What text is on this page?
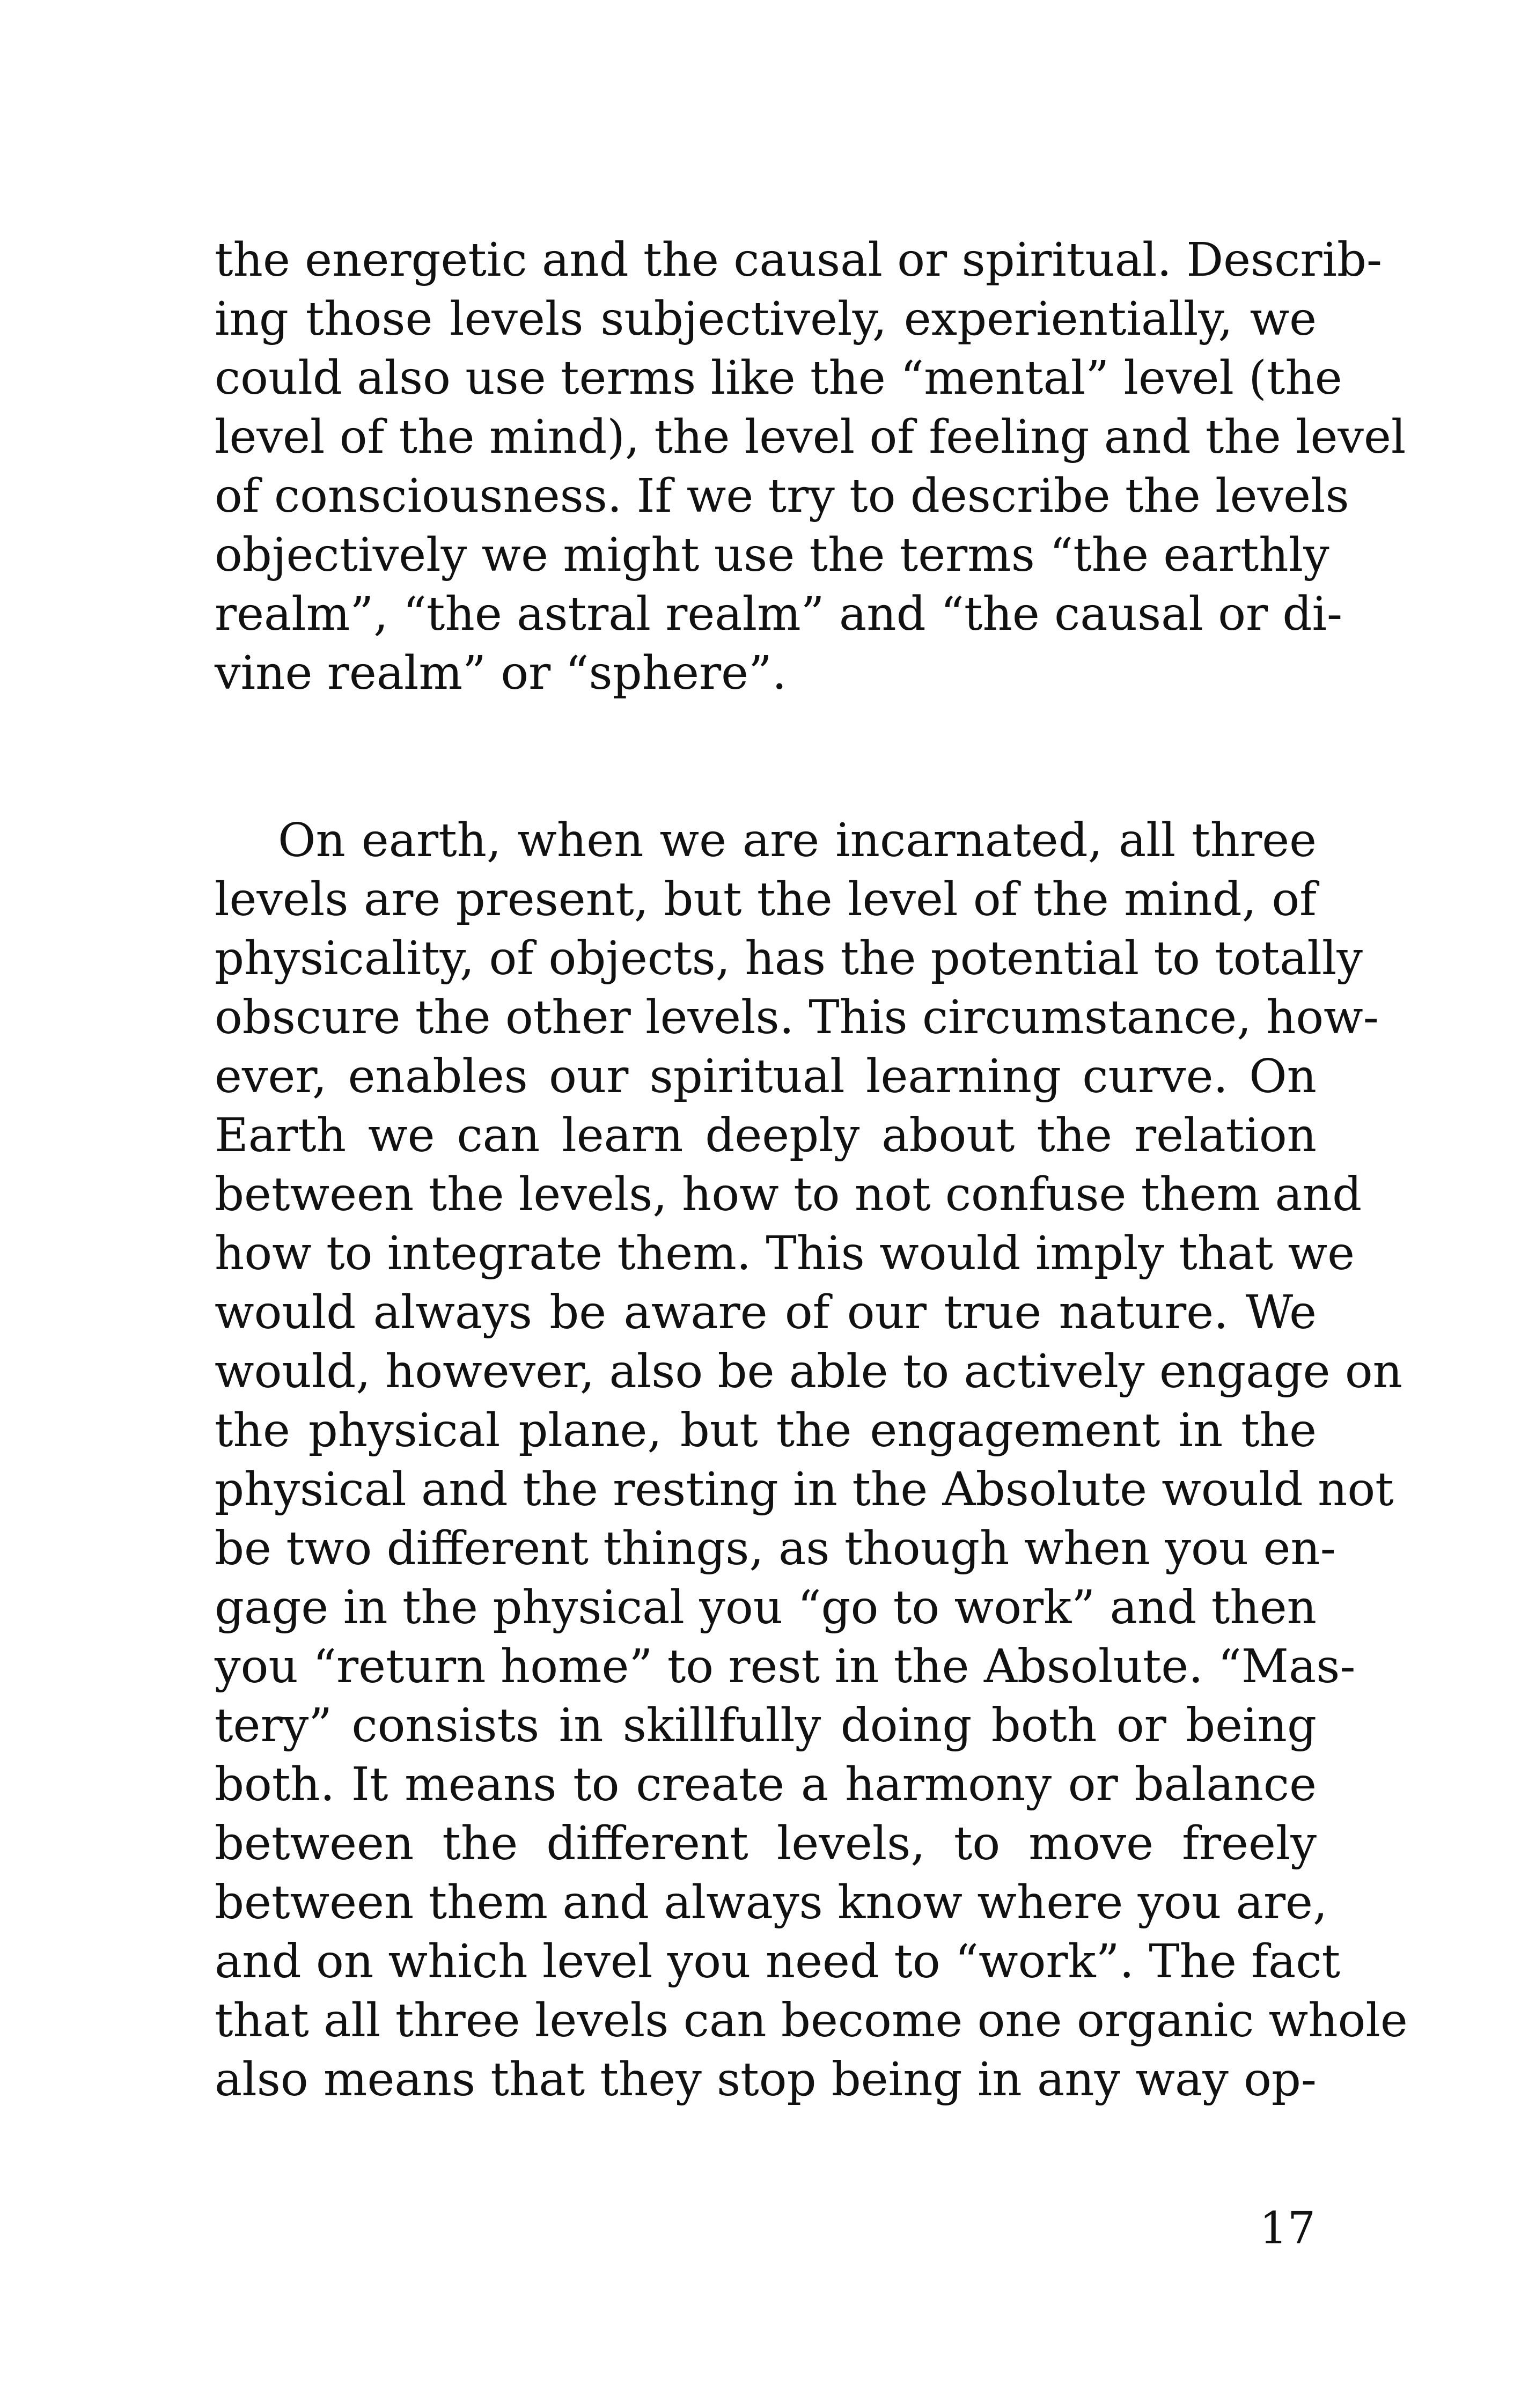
the energetic and the causal or spiritual. Describ-
ing those levels subjectively, experientially, we
could also use terms like the “mental” level (the
level of the mind), the level of feeling and the level
of consciousness. If we try to describe the levels
objectively we might use the terms “the earthly
realm”, “the astral realm” and “the causal or di-
vine realm” or “sphere”.
On earth, when we are incarnated, all three
levels are present, but the level of the mind, of
physicality, of objects, has the potential to totally
obscure the other levels. This circumstance, how-
ever, enables our spiritual learning curve. On
Earth we can learn deeply about the relation
between the levels, how to not confuse them and
how to integrate them. This would imply that we
would always be aware of our true nature. We
would, however, also be able to actively engage on
the physical plane, but the engagement in the
physical and the resting in the Absolute would not
be two different things, as though when you en-
gage in the physical you “go to work” and then
you “return home” to rest in the Absolute. “Mas-
tery” consists in skillfully doing both or being
both. It means to create a harmony or balance
between the different levels, to move freely
between them and always know where you are,
and on which level you need to “work”. The fact
that all three levels can become one organic whole
also means that they stop being in any way op-
17
